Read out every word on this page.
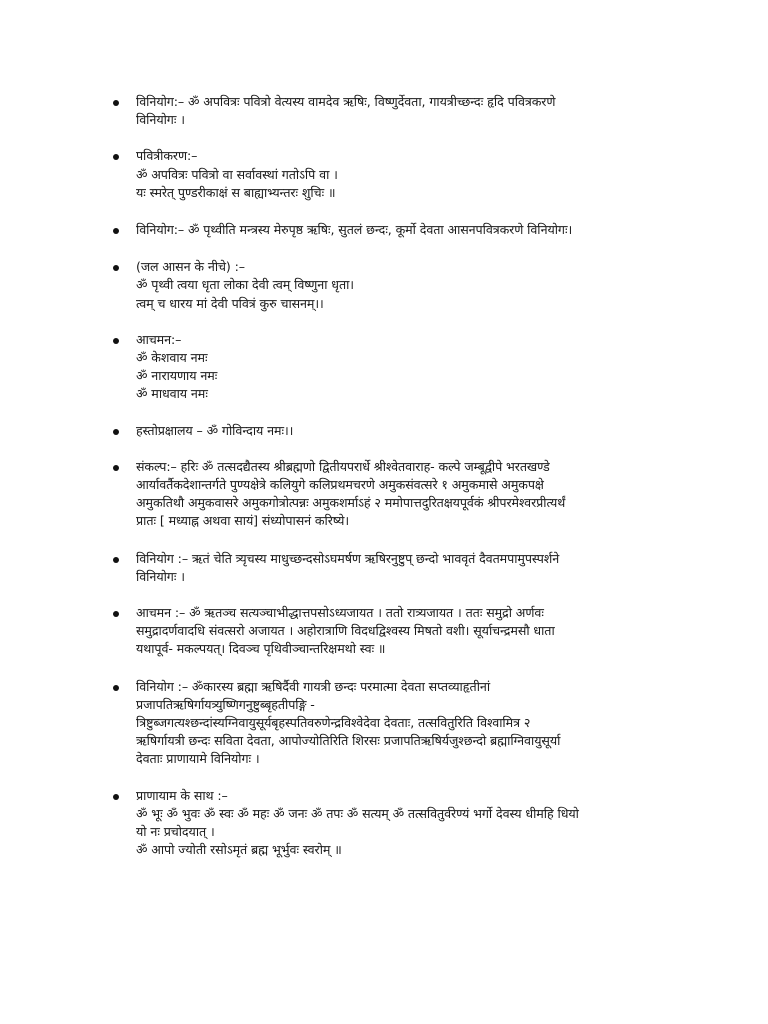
विनियोग:– ॐ अपवित्रः पवित्रो वेत्यस्य वामदेव ऋषिः, विष्णुर्देवता, गायत्रीच्छन्दः हृदि पवित्रकरणे
विनियोगः ।
पवित्रीकरण:–
ॐ अपवित्रः पवित्रो वा सर्वावस्थां गतोऽपि वा ।
यः स्मरेत् पुण्डरीकाक्षं स बाह्याभ्यन्तरः शुचिः ॥
विनियोग:– ॐ पृथ्वीति मन्त्रस्य मेरुपृष्ठ ऋषिः, सुतलं छन्दः, कूर्मो देवता आसनपवित्रकरणे विनियोगः।
(जल आसन के नीचे) :–
ॐ पृथ्वी त्वया धृता लोका देवी त्वम् विष्णुना धृता।
त्वम् च धारय मां देवी पवित्रं कुरु चासनम्।।
आचमन:–
ॐ केशवाय नमः
ॐ नारायणाय नमः
ॐ माधवाय नमः
हस्तोप्रक्षालय – ॐ गोविन्दाय नमः।।
संकल्प:– हरिः ॐ तत्सदद्यैतस्य श्रीब्रह्मणो द्वितीयपरार्धे श्रीश्वेतवाराह- कल्पे जम्बूद्वीपे भरतखण्डे
आर्यावर्तैकदेशान्तर्गते पुण्यक्षेत्रे कलियुगे कलिप्रथमचरणे अमुकसंवत्सरे १ अमुकमासे अमुकपक्षे
अमुकतिथौ अमुकवासरे अमुकगोत्रोत्पन्नः अमुकशर्माऽहं २ ममोपात्तदुरितक्षयपूर्वकं श्रीपरमेश्वरप्रीत्यर्थं
प्रातः [ मध्याह्न अथवा सायं] संध्योपासनं करिष्ये।
विनियोग :– ऋतं चेति त्र्यृचस्य माधुच्छन्दसोऽघमर्षण ऋषिरनुष्टुप् छन्दो भाववृतं दैवतमपामुपस्पर्शने
विनियोगः ।
आचमन :– ॐ ऋतञ्च सत्यञ्चाभीद्धात्तपसोऽध्यजायत । ततो रात्र्यजायत । ततः समुद्रो अर्णवः
समुद्रादर्णवादधि संवत्सरो अजायत । अहोरात्राणि विदधद्विश्वस्य मिषतो वशी। सूर्याचन्द्रमसौ धाता
यथापूर्व- मकल्पयत्। दिवञ्च पृथिवीञ्चान्तरिक्षमथो स्वः ॥
विनियोग :– ॐकारस्य ब्रह्मा ऋषिर्दैवी गायत्री छन्दः परमात्मा देवता सप्तव्याहृतीनां
प्रजापतिऋषिर्गायत्र्युष्णिगनुष्टुब्बृहतीपङ्गि -
त्रिष्टुब्जगत्यश्छन्दांस्यग्निवायुसूर्यबृहस्पतिवरुणेन्द्रविश्वेदेवा देवताः, तत्सवितुरिति विश्वामित्र २
ऋषिर्गायत्री छन्दः सविता देवता, आपोज्योतिरिति शिरसः प्रजापतिऋषिर्यजुश्छन्दो ब्रह्माग्निवायुसूर्या
देवताः प्राणायामे विनियोगः ।
प्राणायाम के साथ :–
ॐ भूः ॐ भुवः ॐ स्वः ॐ महः ॐ जनः ॐ तपः ॐ सत्यम् ॐ तत्सवितुर्वरेण्यं भर्गो देवस्य धीमहि धियो
यो नः प्रचोदयात् ।
ॐ आपो ज्योती रसोऽमृतं ब्रह्म भूर्भुवः स्वरोम् ॥
